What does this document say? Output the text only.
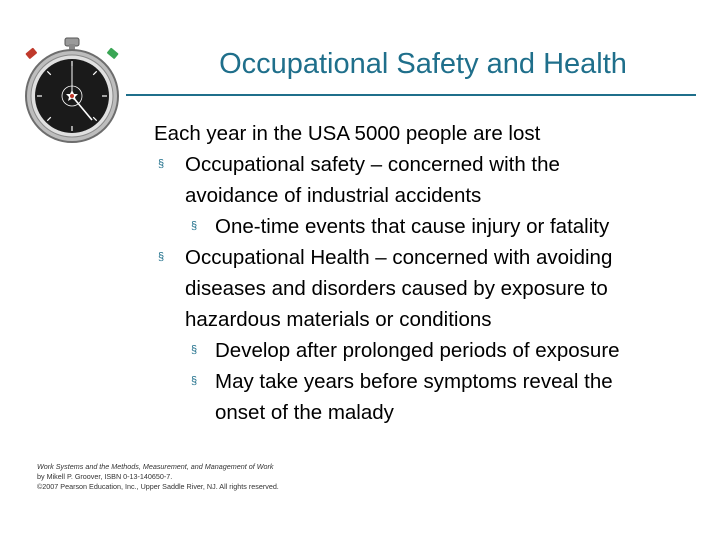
Occupational Safety and Health
Each year in the USA 5000 people are lost
§ Occupational safety – concerned with the
avoidance of industrial accidents
§ One-time events that cause injury or fatality
§ Occupational Health – concerned with avoiding
diseases and disorders caused by exposure to
hazardous materials or conditions
§ Develop after prolonged periods of exposure
§ May take years before symptoms reveal the
onset of the malady
Work Systems and the Methods, Measurement, and Management of Work
by Mikell P. Groover, ISBN 0-13-140650-7.
©2007 Pearson Education, Inc., Upper Saddle River, NJ. All rights reserved.
